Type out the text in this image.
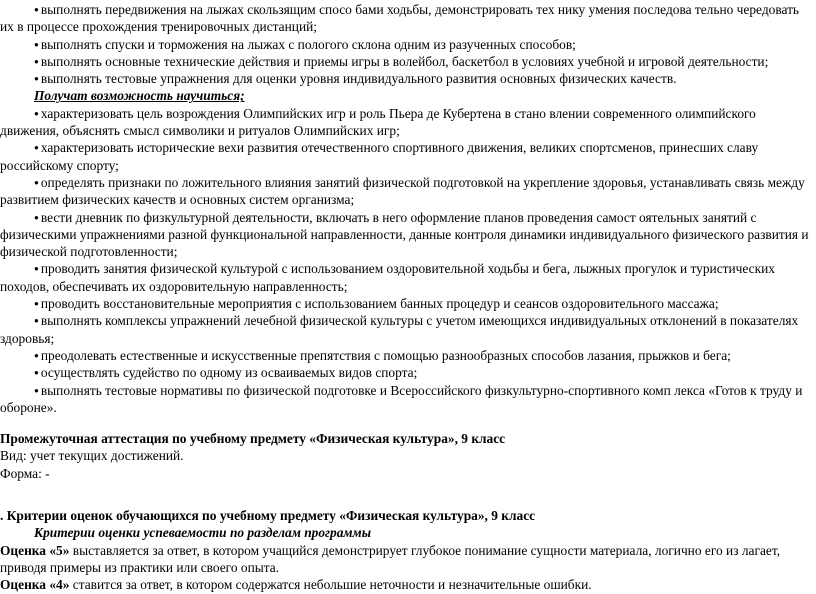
● выполнять передвижения на лыжах скользящим спосо бами ходьбы, демонстрировать тех нику умения последова тельно чередовать их в процессе прохождения тренировочных дистанций;

● выполнять спуски и торможения на лыжах с пологого склона одним из разученных способов;

● выполнять основные технические действия и приемы игры в волейбол, баскетбол в условиях учебной и игровой деятельности;

● выполнять тестовые упражнения для оценки уровня индивидуального развития основных физических качеств.

Получат возможность научиться;

● характеризовать цель возрождения Олимпийских игр и роль Пьера де Кубертена в стано влении современного олимпийского движения, объяснять смысл символики и ритуалов Олимпийских игр;

● характеризовать исторические вехи развития отечественного спортивного движения, великих спортсменов, принесших славу российскому спорту;

● определять признаки по ложительного влияния занятий физической подготовкой на укрепление здоровья, устанавливать связь между развитием физических качеств и основных систем организма;

● вести дневник по физкультурной деятельности, включать в него оформление планов проведения самост оятельных занятий с физическими упражнениями разной функциональной направленности, данные контроля динамики индивидуального физического развития и физической подготовленности;

● проводить занятия физической культурой с использованием оздоровительной ходьбы и бега, лыжных прогулок и туристических походов, обеспечивать их оздоровительную направленность;

● проводить восстановительные мероприятия с использованием банных процедур и сеансов оздоровительного массажа;

● выполнять комплексы упражнений лечебной физической культуры с учетом имеющихся индивидуальных отклонений в показателях здоровья;

● преодолевать естественные и искусственные препятствия с помощью разнообразных способов лазания, прыжков и бега;

● осуществлять судейство по одному из осваиваемых видов спорта;

● выполнять тестовые нормативы по физической подготовке и Всероссийского физкультурно-спортивного комп лекса «Готов к труду и обороне».

Промежуточная аттестация по учебному предмету «Физическая культура», 9 класс

Вид: учет текущих достижений.

Форма: -

. Критерии оценок обучающихся по учебному предмету «Физическая культура», 9 класс

Критерии оценки успеваемости по разделам программы

Оценка «5» выставляется за ответ, в котором учащийся демонстрирует глубокое понимание сущности материала, логично его из лагает, приводя примеры из практики или своего опыта.

Оценка «4» ставится за ответ, в котором содержатся небольшие неточности и незначительные ошибки.
